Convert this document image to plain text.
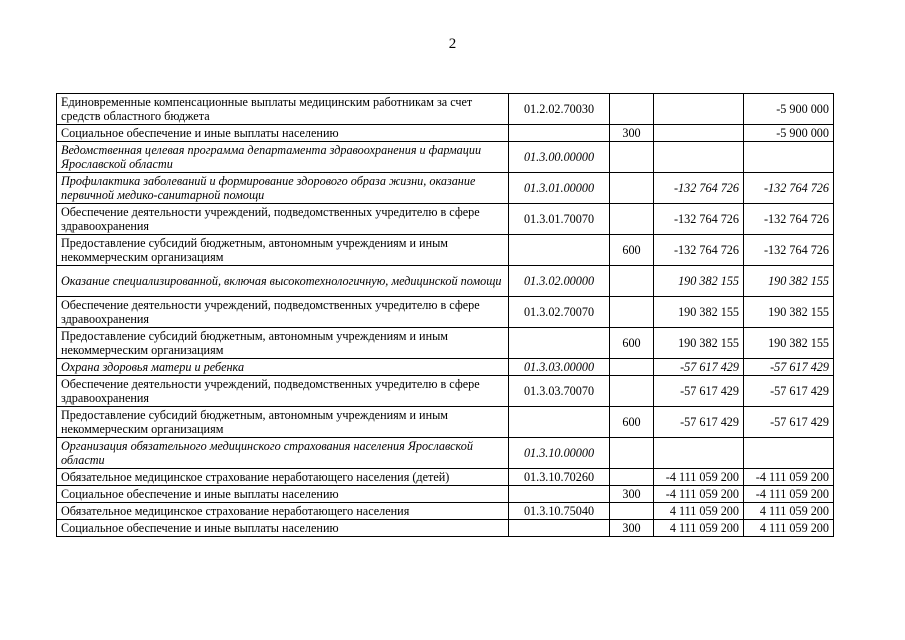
2
Единовременные компенсационные выплаты медицинским работникам за счет средств областного бюджета	01.2.02.70030			-5 900 000
Социальное обеспечение и иные выплаты населению		300		-5 900 000
Ведомственная целевая программа департамента здравоохранения и фармации Ярославской области	01.3.00.00000			
Профилактика заболеваний и формирование здорового образа жизни, оказание первичной медико-санитарной помощи	01.3.01.00000		-132 764 726	-132 764 726
Обеспечение деятельности учреждений, подведомственных учредителю в сфере здравоохранения	01.3.01.70070		-132 764 726	-132 764 726
Предоставление субсидий бюджетным, автономным учреждениям и иным некоммерческим организациям		600	-132 764 726	-132 764 726
Оказание специализированной, включая высокотехнологичную, медицинской помощи	01.3.02.00000		190 382 155	190 382 155
Обеспечение деятельности учреждений, подведомственных учредителю в сфере здравоохранения	01.3.02.70070		190 382 155	190 382 155
Предоставление субсидий бюджетным, автономным учреждениям и иным некоммерческим организациям		600	190 382 155	190 382 155
Охрана здоровья матери и ребенка	01.3.03.00000		-57 617 429	-57 617 429
Обеспечение деятельности учреждений, подведомственных учредителю в сфере здравоохранения	01.3.03.70070		-57 617 429	-57 617 429
Предоставление субсидий бюджетным, автономным учреждениям и иным некоммерческим организациям		600	-57 617 429	-57 617 429
Организация обязательного медицинского страхования населения Ярославской области	01.3.10.00000			
Обязательное медицинское страхование неработающего населения (детей)	01.3.10.70260		-4 111 059 200	-4 111 059 200
Социальное обеспечение и иные выплаты населению		300	-4 111 059 200	-4 111 059 200
Обязательное медицинское страхование неработающего населения	01.3.10.75040		4 111 059 200	4 111 059 200
Социальное обеспечение и иные выплаты населению		300	4 111 059 200	4 111 059 200
